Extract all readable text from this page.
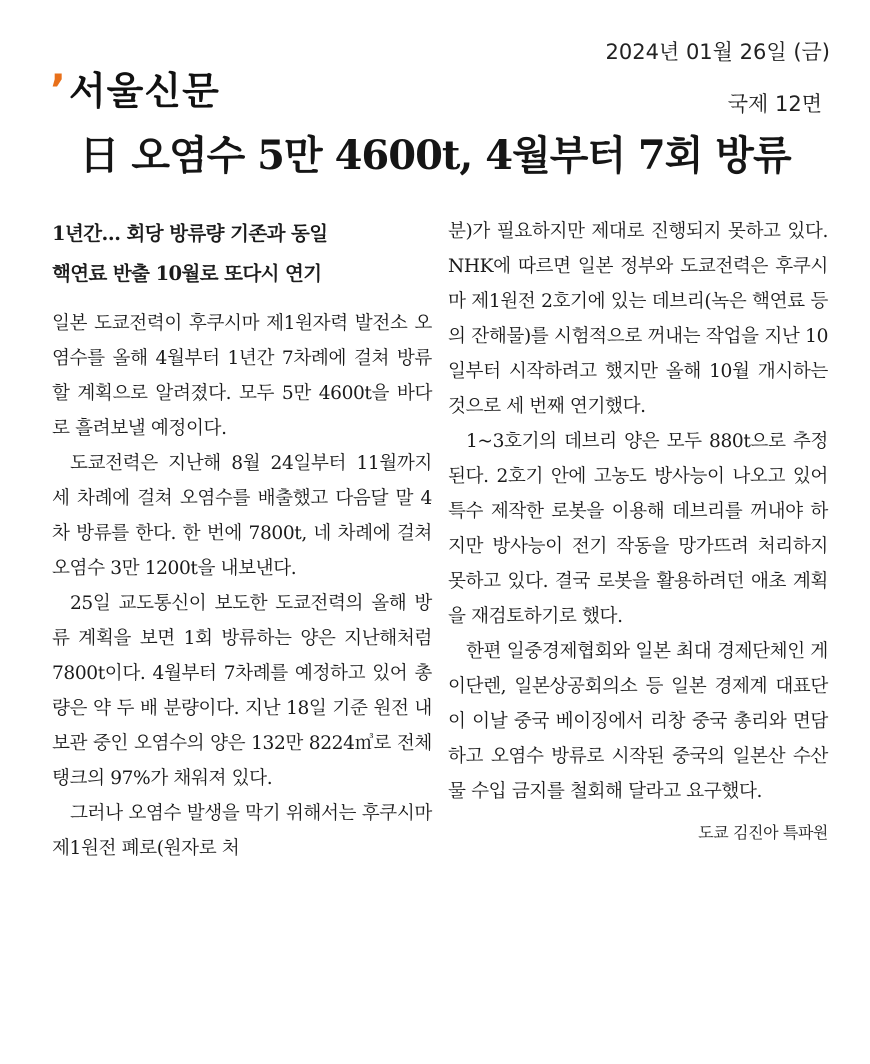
2024년 01월 26일 (금)
’서울신문	국제 12면
日 오염수 5만 4600t, 4월부터 7회 방류
1년간… 회당 방류량 기존과 동일
핵연료 반출 10월로 또다시 연기

일본 도쿄전력이 후쿠시마 제1원자력 발전소 오염수를 올해 4월부터 1년간 7차례에 걸쳐 방류할 계획으로 알려졌다. 모두 5만 4600t을 바다로 흘려보낼 예정이다.

도쿄전력은 지난해 8월 24일부터 11월까지 세 차례에 걸쳐 오염수를 배출했고 다음달 말 4차 방류를 한다. 한 번에 7800t, 네 차례에 걸쳐 오염수 3만 1200t을 내보낸다.

25일 교도통신이 보도한 도쿄전력의 올해 방류 계획을 보면 1회 방류하는 양은 지난해처럼 7800t이다. 4월부터 7차례를 예정하고 있어 총량은 약 두 배 분량이다. 지난 18일 기준 원전 내 보관 중인 오염수의 양은 132만 8224㎥로 전체 탱크의 97%가 채워져 있다.

그러나 오염수 발생을 막기 위해서는 후쿠시마 제1원전 폐로(원자로 처

분)가 필요하지만 제대로 진행되지 못하고 있다. NHK에 따르면 일본 정부와 도쿄전력은 후쿠시마 제1원전 2호기에 있는 데브리(녹은 핵연료 등의 잔해물)를 시험적으로 꺼내는 작업을 지난 10일부터 시작하려고 했지만 올해 10월 개시하는 것으로 세 번째 연기했다.

1~3호기의 데브리 양은 모두 880t으로 추정된다. 2호기 안에 고농도 방사능이 나오고 있어 특수 제작한 로봇을 이용해 데브리를 꺼내야 하지만 방사능이 전기 작동을 망가뜨려 처리하지 못하고 있다. 결국 로봇을 활용하려던 애초 계획을 재검토하기로 했다.

한편 일중경제협회와 일본 최대 경제단체인 게이단렌, 일본상공회의소 등 일본 경제계 대표단이 이날 중국 베이징에서 리창 중국 총리와 면담하고 오염수 방류로 시작된 중국의 일본산 수산물 수입 금지를 철회해 달라고 요구했다.

도쿄 김진아 특파원
